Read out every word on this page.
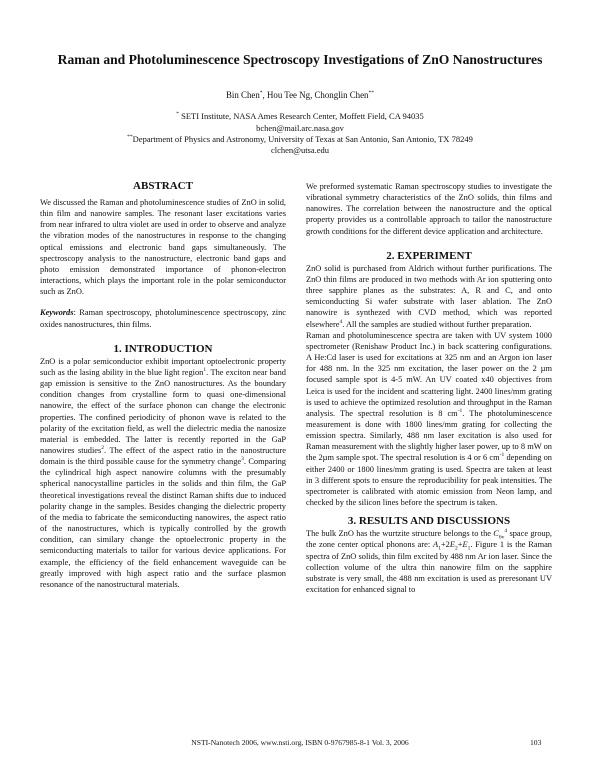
Raman and Photoluminescence Spectroscopy Investigations of ZnO Nanostructures
Bin Chen*, Hou Tee Ng, Chonglin Chen**
* SETI Institute, NASA Ames Research Center, Moffett Field, CA 94035
bchen@mail.arc.nasa.gov
**Department of Physics and Astronomy, University of Texas at San Antonio, San Antonio, TX 78249
clchen@utsa.edu
ABSTRACT

We discussed the Raman and photoluminescence studies of ZnO in solid, thin film and nanowire samples. The resonant laser excitations varies from near infrared to ultra violet are used in order to observe and analyze the vibration modes of the nanostructures in response to the changing optical emissions and electronic band gaps simultaneously. The spectroscopy analysis to the nanostructure, electronic band gaps and photo emission demonstrated importance of phonon-electron interactions, which plays the important role in the polar semiconductor such as ZnO.

Keywords: Raman spectroscopy, photoluminescence spectroscopy, zinc oxides nanostructures, thin films.

1. INTRODUCTION

ZnO is a polar semiconductor exhibit important optoelectronic property such as the lasing ability in the blue light region$^1$. The exciton near band gap emission is sensitive to the ZnO nanostructures. As the boundary condition changes from crystalline form to quasi one-dimensional nanowire, the effect of the surface phonon can change the electronic properties. The confined periodicity of phonon wave is related to the polarity of the excitation field, as well the dielectric media the nanosize material is embedded. The latter is recently reported in the GaP nanowires studies$^2$. The effect of the aspect ratio in the nanostructure domain is the third possible cause for the symmetry change$^3$. Comparing the cylindrical high aspect nanowire columns with the presumably spherical nanocystalline particles in the solids and thin film, the GaP theoretical investigations reveal the distinct Raman shifts due to induced polarity change in the samples. Besides changing the dielectric property of the media to fabricate the semiconducting nanowires, the aspect ratio of the nanostructures, which is typically controlled by the growth condition, can similary change the optoelectronic property in the semiconducting materials to tailor for various device applications. For example, the efficiency of the field enhancement waveguide can be greatly improved with high aspect ratio and the surface plasmon resonance of the nanostructural materials.

We preformed systematic Raman spectroscopy studies to investigate the vibrational symmetry characteristics of the ZnO solids, thin films and nanowires. The correlation between the nanostructure and the optical property provides us a controllable approach to tailor the nanostructure growth conditions for the different device application and architecture.

2. EXPERIMENT

ZnO solid is purchased from Aldrich without further purifications. The ZnO thin films are produced in two methods with Ar ion sputtering onto three sapphire planes as the substrates: A, R and C, and onto semiconducting Si wafer substrate with laser ablation. The ZnO nanowire is synthezed with CVD method, which was reported elsewhere$^4$. All the samples are studied without further preparation.

Raman and photoluminescence spectra are taken with UV system 1000 spectrometer (Renishaw Product Inc.) in back scattering configurations. A He:Cd laser is used for excitations at 325 nm and an Argon ion laser for 488 nm. In the 325 nm excitation, the laser power on the 2 µm focused sample spot is 4-5 mW. An UV coated x40 objectives from Leica is used for the incident and scattering light. 2400 lines/mm grating is used to achieve the optimized resolution and throughput in the Raman analysis. The spectral resolution is 8 $cm^{-1}$. The photoluminescence measurement is done with 1800 lines/mm grating for collecting the emission spectra. Similarly, 488 nm laser excitation is also used for Raman measurement with the slightly higher laser power, up to 8 mW on the 2µm sample spot. The spectral resolution is 4 or 6 $cm^{-1}$ depending on either 2400 or 1800 lines/mm grating is used. Spectra are taken at least in 3 different spots to ensure the reproducibility for peak intensities. The spectrometer is calibrated with atomic emission from Neon lamp, and checked by the silicon lines before the spectrum is taken.

3. RESULTS AND DISCUSSIONS

The bulk ZnO has the wurtzite structure belongs to the $C_{6v}^4$ space group, the zone center optical phonons are: $A_1+2E_2+E_1$. Figure 1 is the Raman spectra of ZnO solids, thin film excited by 488 nm Ar ion laser. Since the collection volume of the ultra thin nanowire film on the sapphire substrate is very small, the 488 nm excitation is used as preresonant UV excitation for enhanced signal to

NSTI-Nanotech 2006, www.nsti.org, ISBN 0-9767985-8-1 Vol. 3, 2006	103
